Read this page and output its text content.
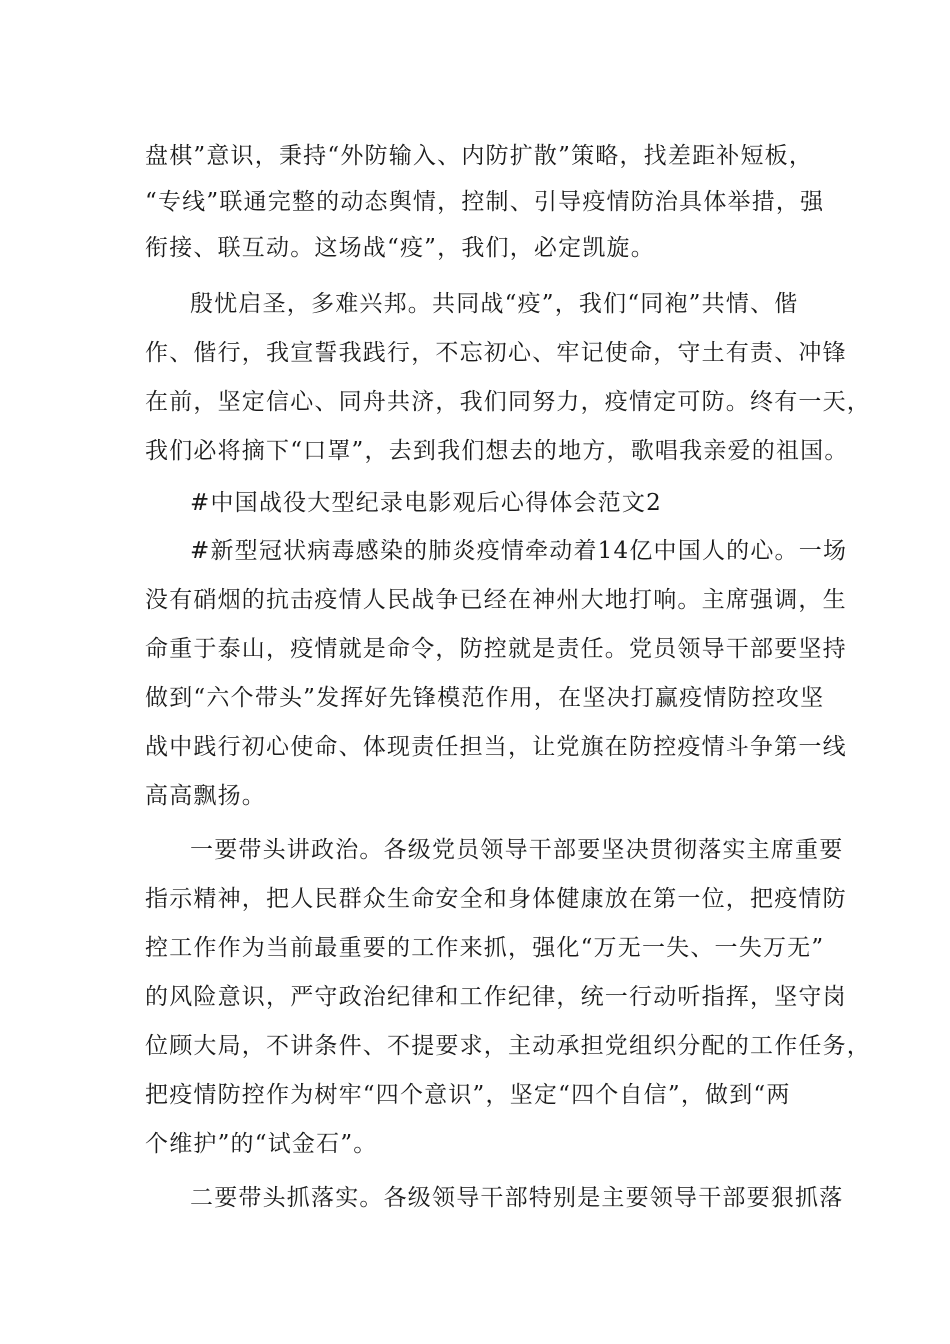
盘棋”意识，秉持“外防输入、内防扩散”策略，找差距补短板，
“专线”联通完整的动态舆情，控制、引导疫情防治具体举措，强
衔接、联互动。这场战“疫”，我们，必定凯旋。
殷忧启圣，多难兴邦。共同战“疫”，我们“同袍”共情、偕
作、偕行，我宣誓我践行，不忘初心、牢记使命，守土有责、冲锋
在前，坚定信心、同舟共济，我们同努力，疫情定可防。终有一天，
我们必将摘下“口罩”，去到我们想去的地方，歌唱我亲爱的祖国。
#中国战役大型纪录电影观后心得体会范文2
#新型冠状病毒感染的肺炎疫情牵动着14亿中国人的心。一场
没有硝烟的抗击疫情人民战争已经在神州大地打响。主席强调，生
命重于泰山，疫情就是命令，防控就是责任。党员领导干部要坚持
做到“六个带头”发挥好先锋模范作用，在坚决打赢疫情防控攻坚
战中践行初心使命、体现责任担当，让党旗在防控疫情斗争第一线
高高飘扬。
一要带头讲政治。各级党员领导干部要坚决贯彻落实主席重要
指示精神，把人民群众生命安全和身体健康放在第一位，把疫情防
控工作作为当前最重要的工作来抓，强化“万无一失、一失万无”
的风险意识，严守政治纪律和工作纪律，统一行动听指挥，坚守岗
位顾大局，不讲条件、不提要求，主动承担党组织分配的工作任务，
把疫情防控作为树牢“四个意识”，坚定“四个自信”，做到“两
个维护”的“试金石”。
二要带头抓落实。各级领导干部特别是主要领导干部要狠抓落
